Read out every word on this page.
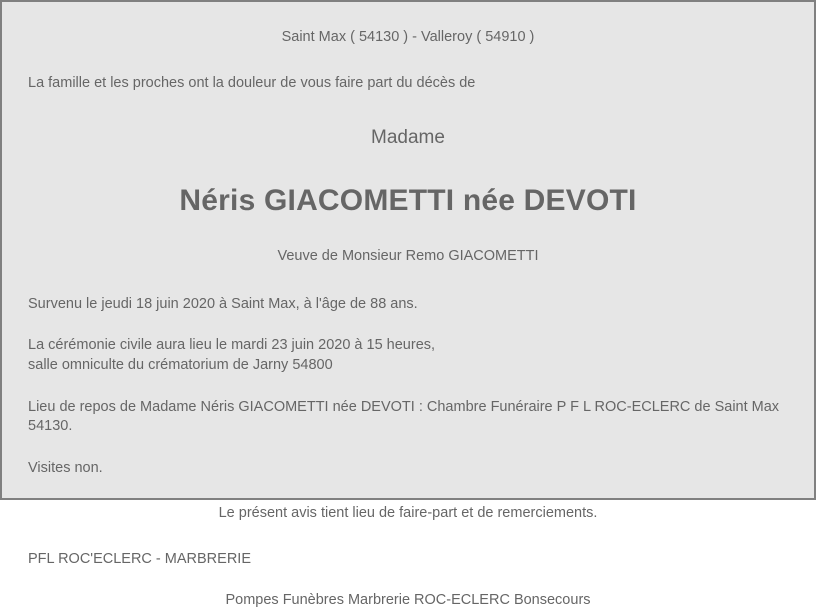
Saint Max ( 54130 ) - Valleroy ( 54910 )

La famille et les proches ont la douleur de vous faire part du décès de

Madame

Néris GIACOMETTI née DEVOTI

Veuve de Monsieur Remo GIACOMETTI

Survenu le jeudi 18 juin 2020 à Saint Max, à l'âge de 88 ans.

La cérémonie civile aura lieu le mardi 23 juin 2020 à 15 heures,
salle omniculte du crématorium de Jarny 54800
Lieu de repos de Madame Néris GIACOMETTI née DEVOTI : Chambre Funéraire P F L ROC-ECLERC de Saint Max
54130.

Visites non.

Le présent avis tient lieu de faire-part et de remerciements.

PFL ROC'ECLERC - MARBRERIE

Pompes Funèbres Marbrerie ROC-ECLERC Bonsecours
